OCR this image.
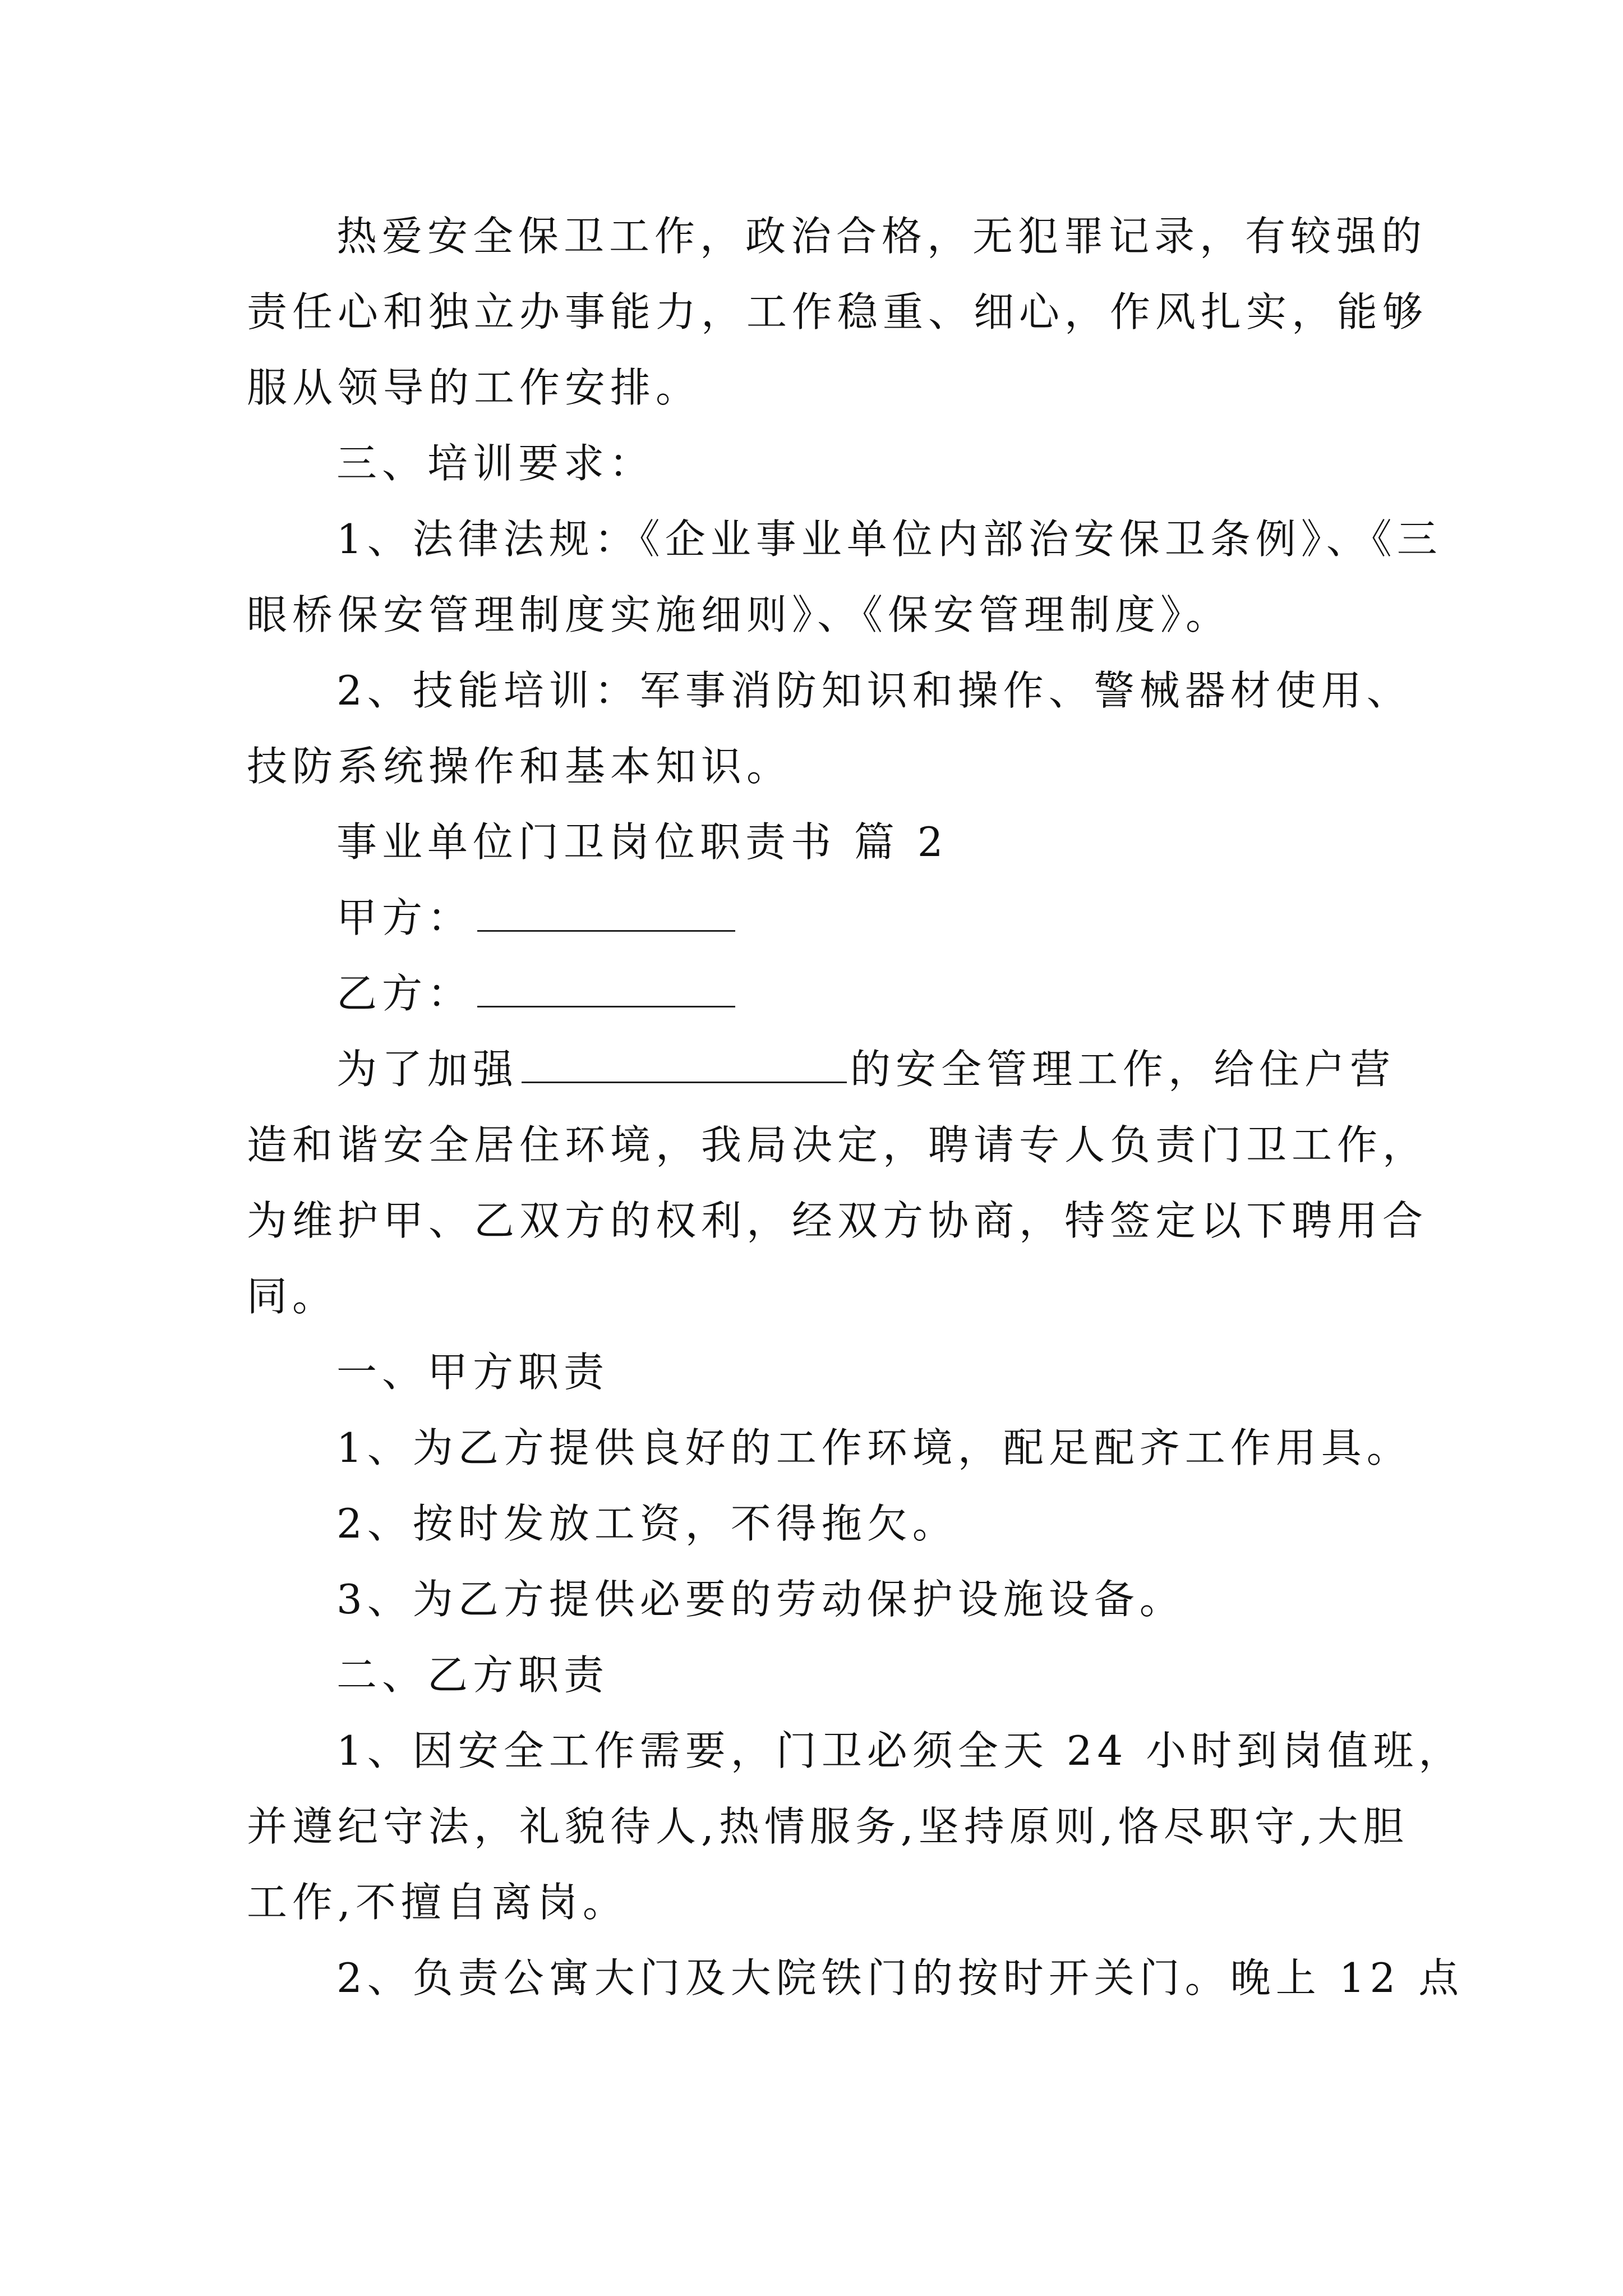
热爱安全保卫工作，政治合格，无犯罪记录，有较强的
责任心和独立办事能力，工作稳重、细心，作风扎实，能够
服从领导的工作安排。
三、培训要求：
1、法律法规：《企业事业单位内部治安保卫条例》、《三
眼桥保安管理制度实施细则》、《保安管理制度》。
2、技能培训：军事消防知识和操作、警械器材使用、
技防系统操作和基本知识。
事业单位门卫岗位职责书 篇 2
甲方：
乙方：
为了加强	的安全管理工作，给住户营
造和谐安全居住环境，我局决定，聘请专人负责门卫工作，
为维护甲、乙双方的权利，经双方协商，特签定以下聘用合
同。
一、甲方职责
1、为乙方提供良好的工作环境，配足配齐工作用具。
2、按时发放工资，不得拖欠。
3、为乙方提供必要的劳动保护设施设备。
二、乙方职责
1、因安全工作需要，门卫必须全天 24 小时到岗值班，
并遵纪守法，礼貌待人,热情服务,坚持原则,恪尽职守,大胆
工作,不擅自离岗。
2、负责公寓大门及大院铁门的按时开关门。晚上 12 点
